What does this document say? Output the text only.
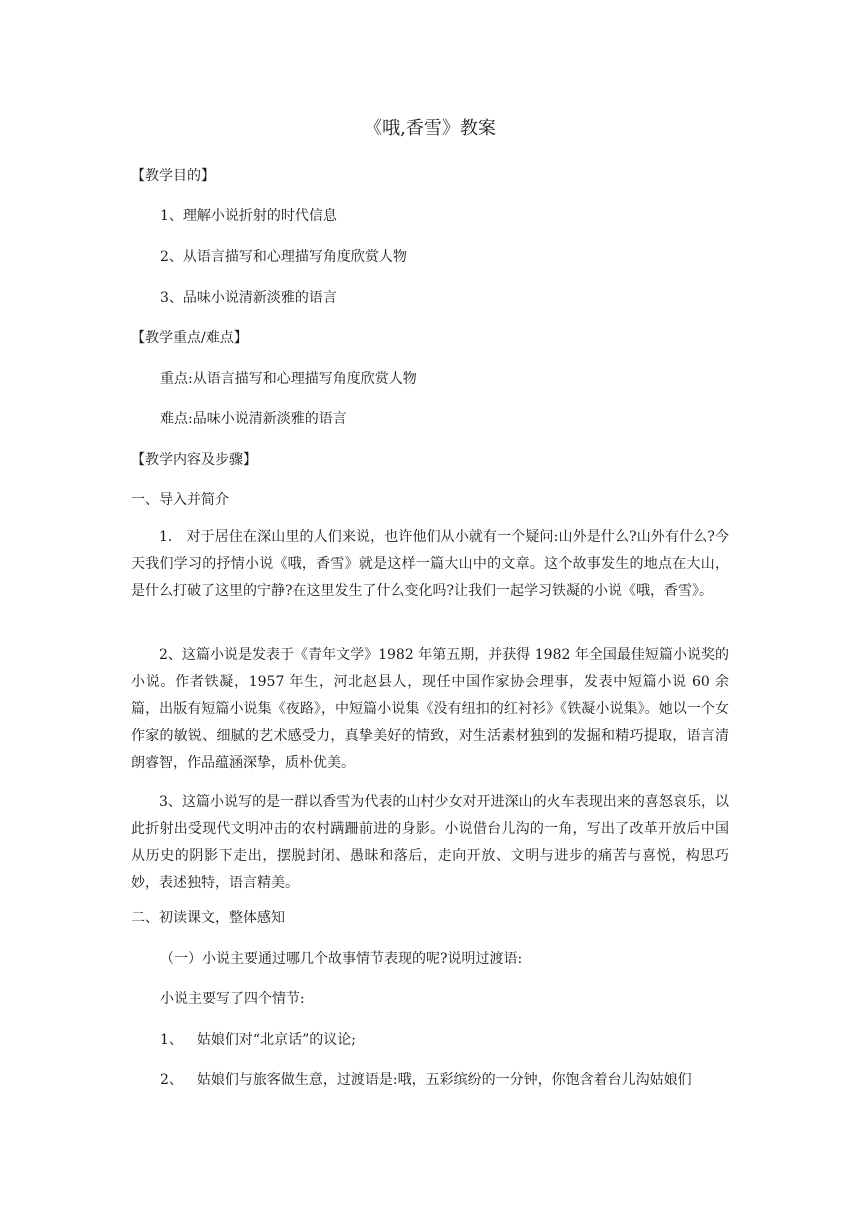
《哦,香雪》教案
【教学目的】
1、理解小说折射的时代信息
2、从语言描写和心理描写角度欣赏人物
3、品味小说清新淡雅的语言
【教学重点/难点】
重点:从语言描写和心理描写角度欣赏人物
难点:品味小说清新淡雅的语言
【教学内容及步骤】
一、导入并简介

1. 对于居住在深山里的人们来说，也许他们从小就有一个疑问:山外是什么?山外有什么?今天我们学习的抒情小说《哦，香雪》就是这样一篇大山中的文章。这个故事发生的地点在大山，是什么打破了这里的宁静?在这里发生了什么变化吗?让我们一起学习铁凝的小说《哦，香雪》。

2、这篇小说是发表于《青年文学》1982 年第五期，并获得 1982 年全国最佳短篇小说奖的小说。作者铁凝，1957 年生，河北赵县人，现任中国作家协会理事，发表中短篇小说 60 余篇，出版有短篇小说集《夜路》，中短篇小说集《没有纽扣的红衬衫》《铁凝小说集》。她以一个女作家的敏锐、细腻的艺术感受力，真挚美好的情致，对生活素材独到的发掘和精巧提取，语言清朗睿智，作品蕴涵深挚，质朴优美。

3、这篇小说写的是一群以香雪为代表的山村少女对开进深山的火车表现出来的喜怒哀乐，以此折射出受现代文明冲击的农村蹒跚前进的身影。小说借台儿沟的一角，写出了改革开放后中国从历史的阴影下走出，摆脱封闭、愚昧和落后，走向开放、文明与进步的痛苦与喜悦，构思巧妙，表述独特，语言精美。

二、初读课文，整体感知
（一）小说主要通过哪几个故事情节表现的呢?说明过渡语:
小说主要写了四个情节:
1、 姑娘们对“北京话”的议论;
2、 姑娘们与旅客做生意，过渡语是:哦，五彩缤纷的一分钟，你饱含着台儿沟姑娘们
